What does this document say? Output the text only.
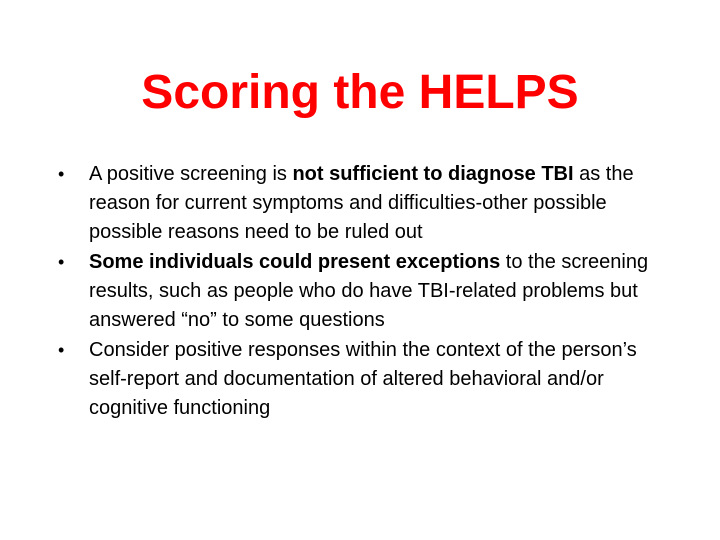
Scoring the HELPS
• A positive screening is not sufficient to diagnose TBI as the reason for current symptoms and difficulties-other possible possible reasons need to be ruled out
• Some individuals could present exceptions to the screening results, such as people who do have TBI-related problems but answered “no” to some questions
• Consider positive responses within the context of the person’s self-report and documentation of altered behavioral and/or cognitive functioning
